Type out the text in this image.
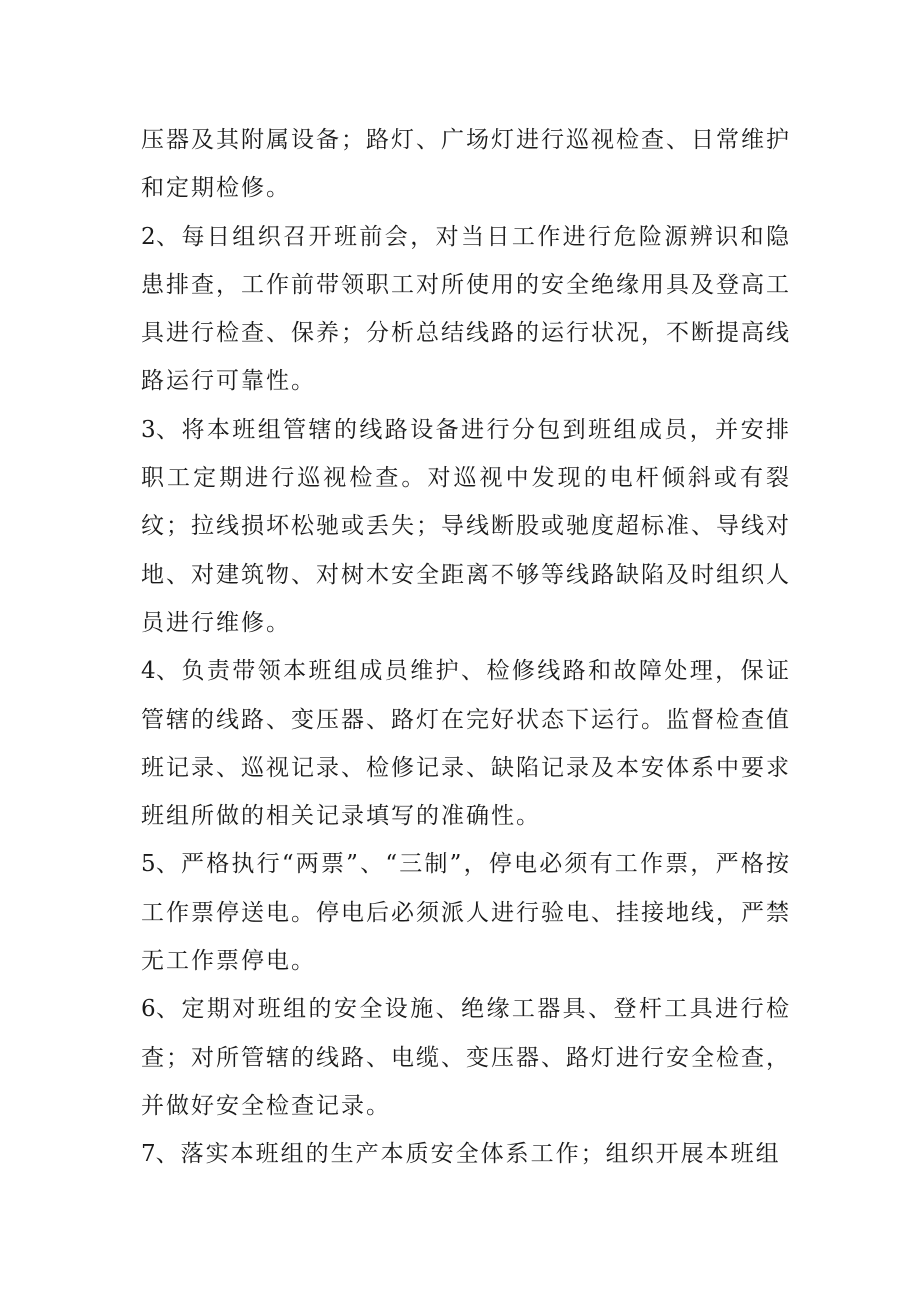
压器及其附属设备；路灯、广场灯进行巡视检查、日常维护和定期检修。

2、每日组织召开班前会，对当日工作进行危险源辨识和隐患排查，工作前带领职工对所使用的安全绝缘用具及登高工具进行检查、保养；分析总结线路的运行状况，不断提高线路运行可靠性。

3、将本班组管辖的线路设备进行分包到班组成员，并安排职工定期进行巡视检查。对巡视中发现的电杆倾斜或有裂纹；拉线损坏松驰或丢失；导线断股或驰度超标准、导线对地、对建筑物、对树木安全距离不够等线路缺陷及时组织人员进行维修。

4、负责带领本班组成员维护、检修线路和故障处理，保证管辖的线路、变压器、路灯在完好状态下运行。监督检查值班记录、巡视记录、检修记录、缺陷记录及本安体系中要求班组所做的相关记录填写的准确性。

5、严格执行“两票”、“三制”，停电必须有工作票，严格按工作票停送电。停电后必须派人进行验电、挂接地线，严禁无工作票停电。

6、定期对班组的安全设施、绝缘工器具、登杆工具进行检查；对所管辖的线路、电缆、变压器、路灯进行安全检查，并做好安全检查记录。

7、落实本班组的生产本质安全体系工作；组织开展本班组
